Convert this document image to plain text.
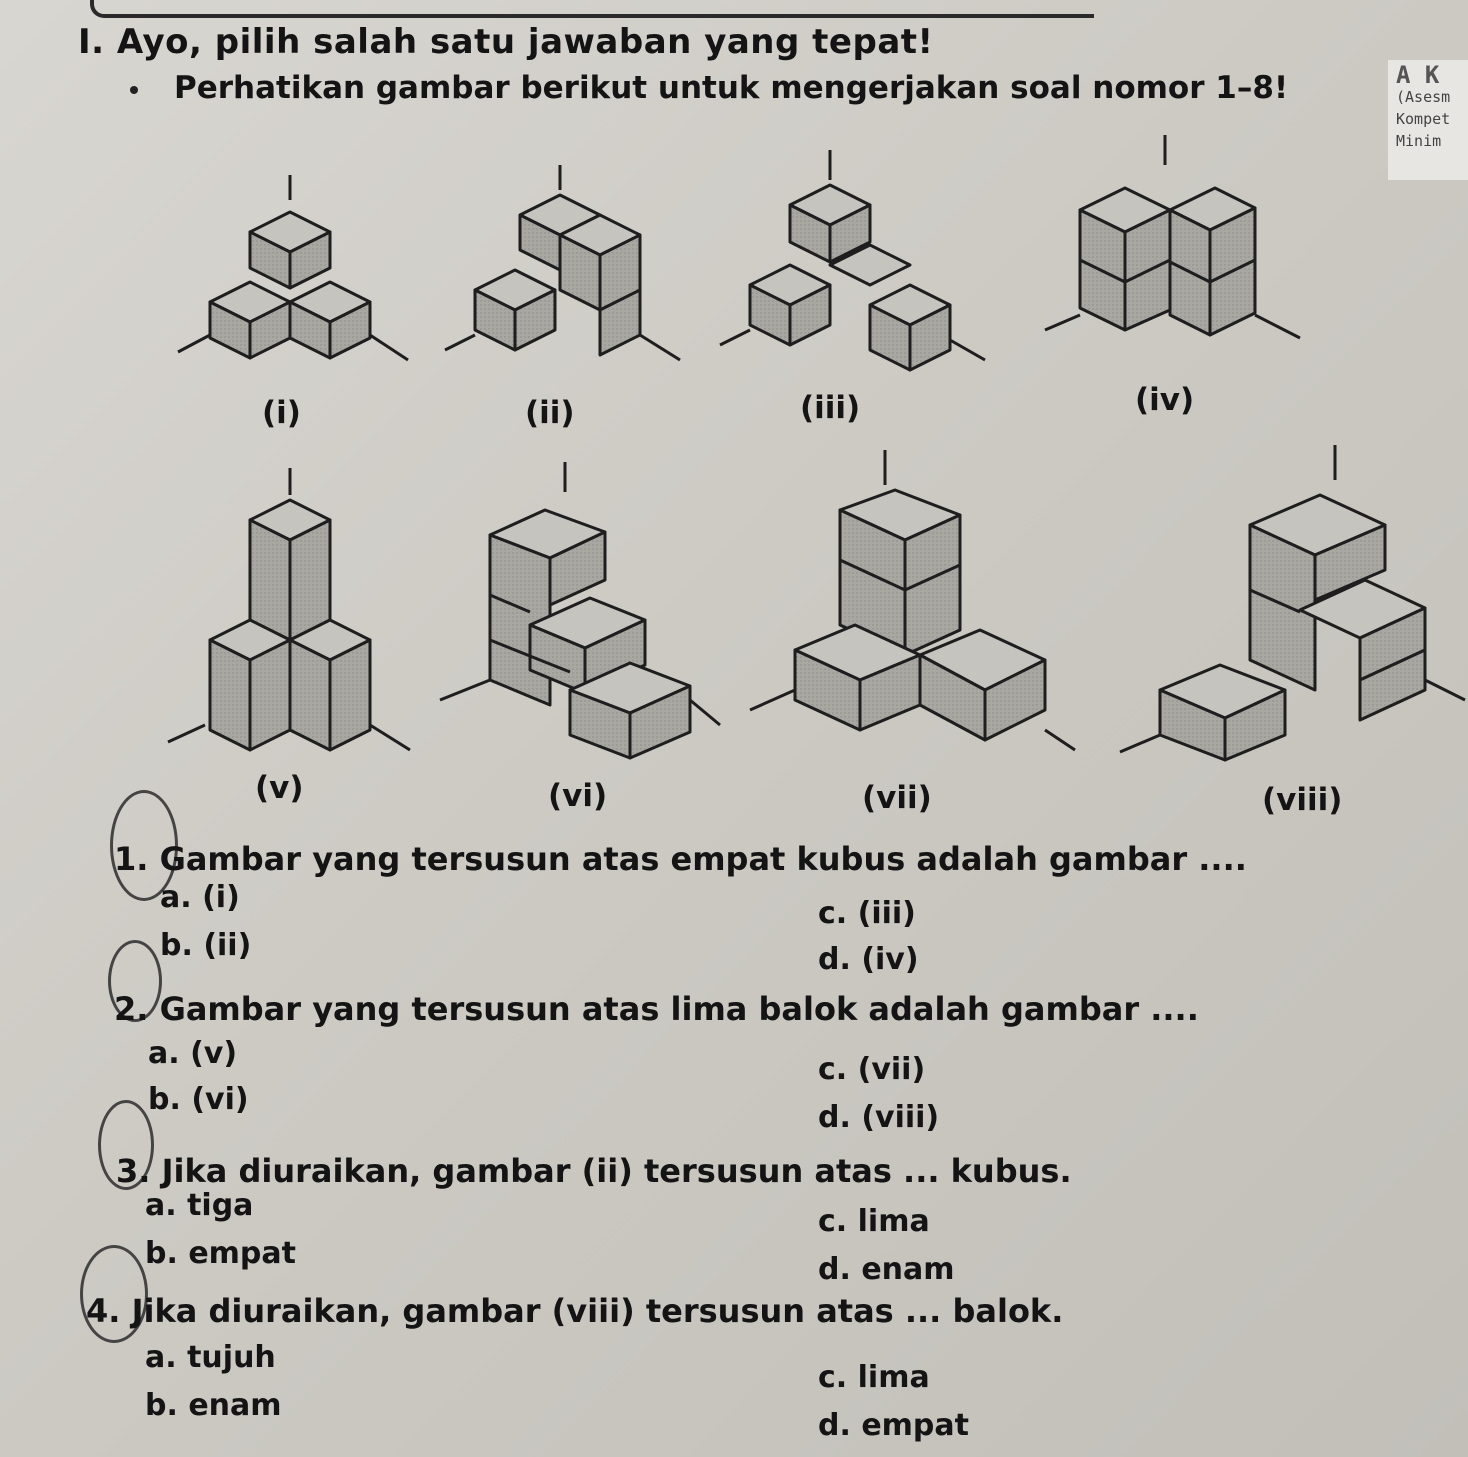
I. Ayo, pilih salah satu jawaban yang tepat!
Perhatikan gambar berikut untuk mengerjakan soal nomor 1–8!	A K
(Asesm
Kompet
Minim
(i)	(ii)	(iii)	(iv)
(v)	(vi)	(vii)	(viii)
1. Gambar yang tersusun atas empat kubus adalah gambar ....
a. (i)
b. (ii)
c. (iii)
d. (iv)
2. Gambar yang tersusun atas lima balok adalah gambar ....
a. (v)
b. (vi)
c. (vii)
d. (viii)
3. Jika diuraikan, gambar (ii) tersusun atas ... kubus.
a. tiga
b. empat
c. lima
d. enam
4. Jika diuraikan, gambar (viii) tersusun atas ... balok.
a. tujuh
b. enam
c. lima
d. empat
